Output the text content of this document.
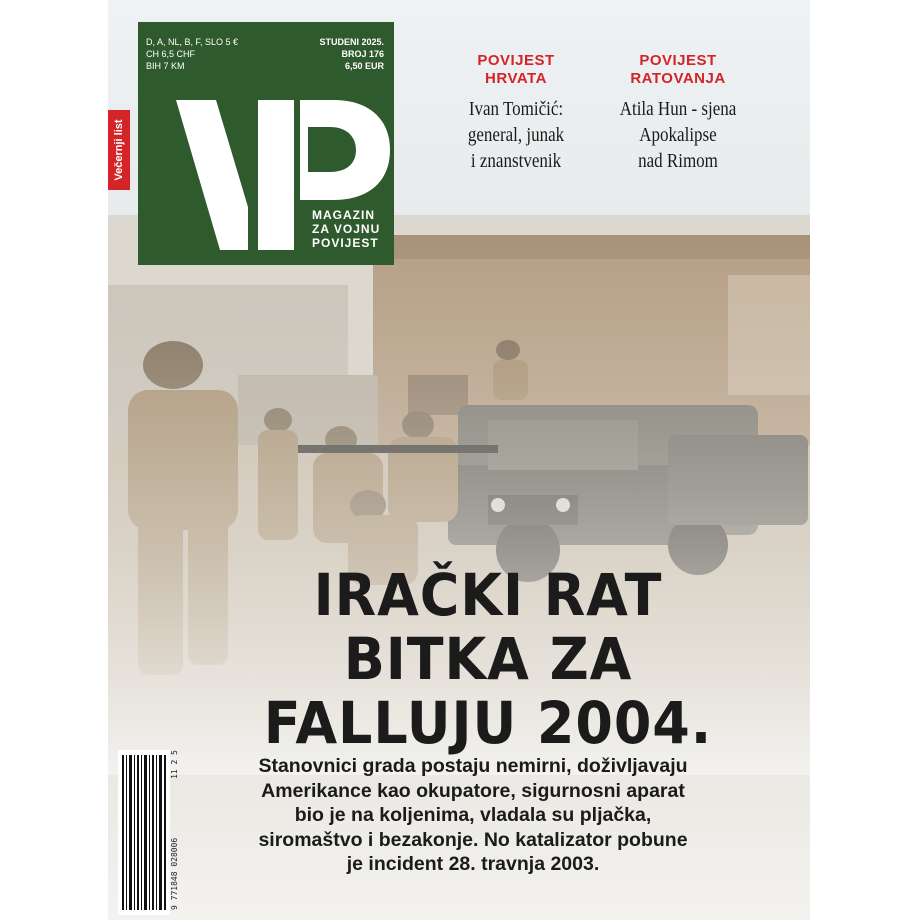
D, A, NL, B, F, SLO 5 €
CH 6,5 CHF
BIH 7 KM
STUDENI 2025.
BROJ 176
6,50 EUR
MAGAZIN
ZA VOJNU
POVIJEST
Večernji list
POVIJEST
HRVATA
Ivan Tomičić:
general, junak
i znanstvenik
POVIJEST
RATOVANJA
Atila Hun - sjena
Apokalipse
nad Rimom
IRAČKI RAT
BITKA ZA
FALLUJU 2004.
Stanovnici grada postaju nemirni, doživljavaju
Amerikance kao okupatore, sigurnosni aparat
bio je na koljenima, vladala su pljačka,
siromaštvo i bezakonje. No katalizator pobune
je incident 28. travnja 2003.
11 2 5
9 771848 028006
